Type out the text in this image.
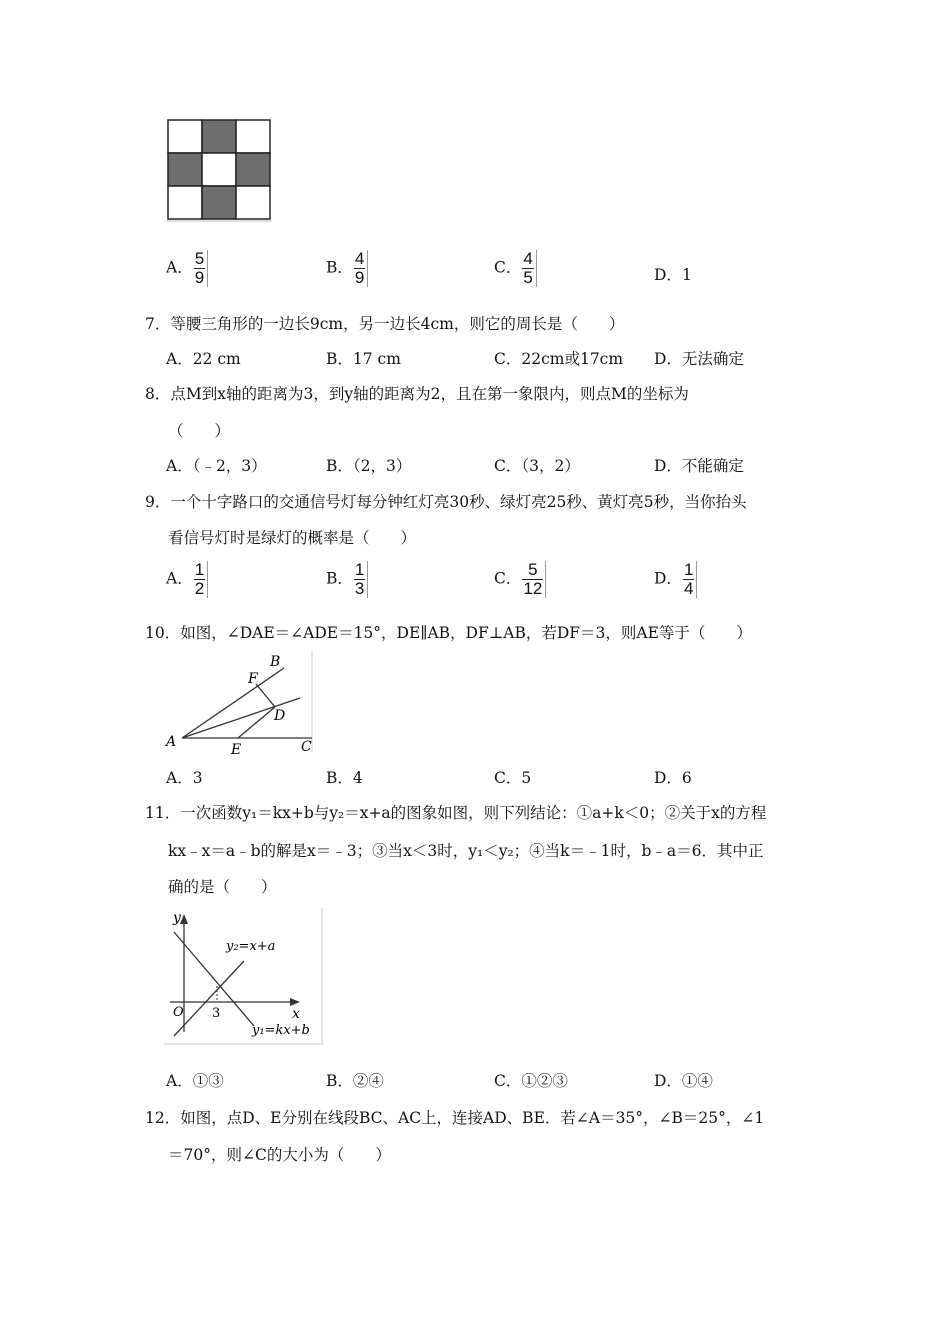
A． $\frac{5}{9}$	B． $\frac{4}{9}$	C． $\frac{4}{5}$	D．1
7．等腰三角形的一边长9cm，另一边长4cm，则它的周长是（　　）
A．22 cm	B．17 cm	C．22cm或17cm D．无法确定
8．点M到x轴的距离为3，到y轴的距离为2，且在第一象限内，则点M的坐标为
（　　）
A．（﹣2，3）	B．（2，3）	C．（3，2）	D．不能确定
9．一个十字路口的交通信号灯每分钟红灯亮30秒、绿灯亮25秒、黄灯亮5秒，当你抬头
看信号灯时是绿灯的概率是（　　）
A． $\frac{1}{2}$	B． $\frac{1}{3}$	C． $\frac{5}{12}$	D． $\frac{1}{4}$
10．如图，∠DAE＝∠ADE＝15°，DE∥AB，DF⊥AB，若DF＝3，则AE等于（　　）
B
F
D
A	E	C
A．3	B．4	C．5	D．6
11．一次函数y₁＝kx+b与y₂＝x+a的图象如图，则下列结论：①a+k＜0；②关于x的方程
kx﹣x＝a﹣b的解是x＝﹣3；③当x＜3时，y₁＜y₂；④当k＝﹣1时，b﹣a＝6．其中正
确的是（　　）
y
x
O 3
y₂=x+a
y₁=kx+b
A．①③	B．②④	C．①②③	D．①④
12．如图，点D、E分别在线段BC、AC上，连接AD、BE．若∠A＝35°，∠B＝25°，∠1
＝70°，则∠C的大小为（　　）
